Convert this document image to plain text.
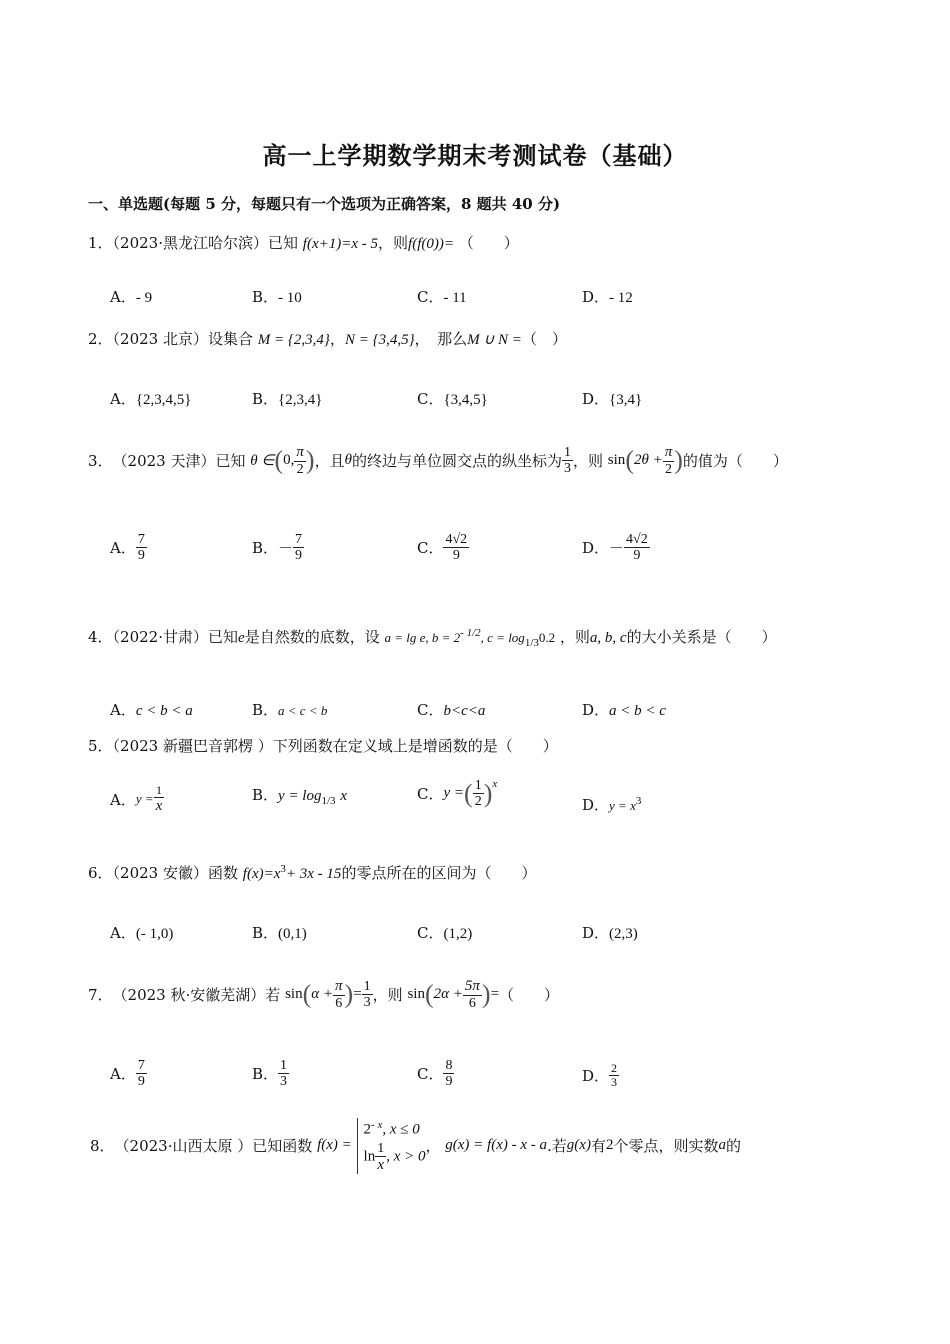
高一上学期数学期末考测试卷（基础）
一、单选题(每题 5 分，每题只有一个选项为正确答案，8 题共 40 分)
1．（2023·黑龙江哈尔滨）已知 f(x+1)=x - 5，则f(f(0))= （　　）
A．- 9	B．- 10	C．- 11	D．- 12
2．（2023 北京）设集合 M = {2,3,4}，N = {3,4,5}，　那么M ∪ N =（　）
A．{2,3,4,5}	B．{2,3,4}	C．{3,4,5}	D．{3,4}
3．（2023 天津）已知 θ ∈(0, $\frac{\pi}{2}$ )，且θ的终边与单位圆交点的纵坐标为 $\frac{1}{3}$ ，则 $\sin(2\theta + \frac{\pi}{2}$ )的值为（　　）
A． $\frac{7}{9}$	B．－ $\frac{7}{9}$	C． $\frac{4√2}{9}$	D．－ $\frac{4√2}{9}$
4．（2022·甘肃）已知e是自然数的底数，设 a = lg e, $b = 2^{- 1/2}$, $c = \log_{1/3}0.2$ ，则a, b, c的大小关系是（　　）
A．c < b < a	B．a < c < b	C．b<c<a	D．a < b < c
5．（2023 新疆巴音郭楞 ）下列函数在定义域上是增函数的是（　　）
A．$y = \frac{1}{x}$	B．$y = \log_{1/3} x$	C．y =( $\frac{1}{2} )^x$
D．$y = x^3$
6．（2023 安徽）函数 $f(x)=x^3+ 3x - 15$的零点所在的区间为（　　）
A．(- 1,0)	B．(0,1)	C．(1,2)	D．(2,3)
7．（2023 秋·安徽芜湖）若 $\sin(\alpha + \frac{\pi}{6}$ )= $\frac{1}{3}$ ，则 $\sin(2\alpha + \frac{5\pi}{6}$ )=（　　）
A． $\frac{7}{9}$	B． $\frac{1}{3}$	C． $\frac{8}{9}$	D． $\frac{2}{3}$
8．（2023·山西太原 ）已知函数 f(x) =
$2^{- x}$, x ≤ 0
$\ln \frac{1}{x}$ , x > 0
， g(x) = f(x) - x - a.若g(x)有2个零点，则实数a的
